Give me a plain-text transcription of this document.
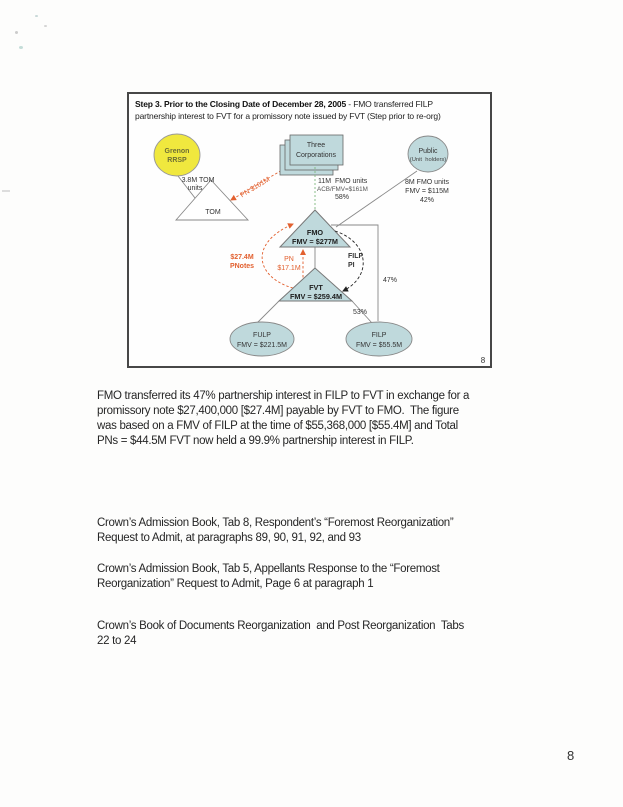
Step 3. Prior to the Closing Date of December 28, 2005 - FMO transferred FILP
partnership interest to FVT for a promissory note issued by FVT (Step prior to re-org)
TOM
3.8M TOM
units
Grenon
RRSP
PN $161M
Three
Corporations
11M  FMO units
ACB/FMV=$161M
58%
Public
(Unit  holders)
8M FMO units
FMV = $115M
42%
47%
FMO
FMV = $277M
$27.4M
PNotes
PN
$17.1M
FILP
PI
FVT
FMV = $259.4M
53%
FULP
FMV = $221.5M
FILP
FMV = $55.5M
8
FMO transferred its 47% partnership interest in FILP to FVT in exchange for a
promissory note $27,400,000 [$27.4M] payable by FVT to FMO.  The figure
was based on a FMV of FILP at the time of $55,368,000 [$55.4M] and Total
PNs = $44.5M FVT now held a 99.9% partnership interest in FILP.
Crown’s Admission Book, Tab 8, Respondent’s “Foremost Reorganization”
Request to Admit, at paragraphs 89, 90, 91, 92, and 93
Crown’s Admission Book, Tab 5, Appellants Response to the “Foremost
Reorganization” Request to Admit, Page 6 at paragraph 1
Crown’s Book of Documents Reorganization  and Post Reorganization  Tabs
22 to 24
8
